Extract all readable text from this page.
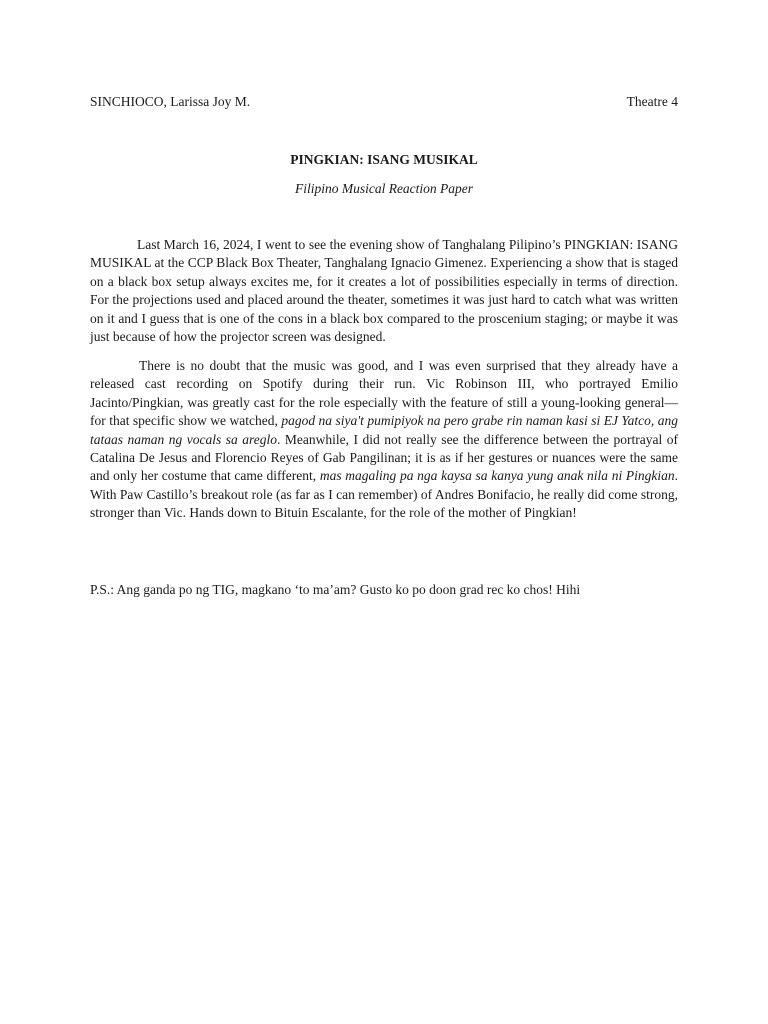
SINCHIOCO, Larissa Joy M.	Theatre 4
PINGKIAN: ISANG MUSIKAL
Filipino Musical Reaction Paper

Last March 16, 2024, I went to see the evening show of Tanghalang Pilipino’s PINGKIAN: ISANG MUSIKAL at the CCP Black Box Theater, Tanghalang Ignacio Gimenez. Experiencing a show that is staged on a black box setup always excites me, for it creates a lot of possibilities especially in terms of direction. For the projections used and placed around the theater, sometimes it was just hard to catch what was written on it and I guess that is one of the cons in a black box compared to the proscenium staging; or maybe it was just because of how the projector screen was designed.

There is no doubt that the music was good, and I was even surprised that they already have a released cast recording on Spotify during their run. Vic Robinson III, who portrayed Emilio Jacinto/Pingkian, was greatly cast for the role especially with the feature of still a young-looking general—for that specific show we watched, pagod na siya't pumipiyok na pero grabe rin naman kasi si EJ Yatco, ang tataas naman ng vocals sa areglo. Meanwhile, I did not really see the difference between the portrayal of Catalina De Jesus and Florencio Reyes of Gab Pangilinan; it is as if her gestures or nuances were the same and only her costume that came different, mas magaling pa nga kaysa sa kanya yung anak nila ni Pingkian. With Paw Castillo’s breakout role (as far as I can remember) of Andres Bonifacio, he really did come strong, stronger than Vic. Hands down to Bituin Escalante, for the role of the mother of Pingkian!

P.S.: Ang ganda po ng TIG, magkano ‘to ma’am? Gusto ko po doon grad rec ko chos! Hihi
